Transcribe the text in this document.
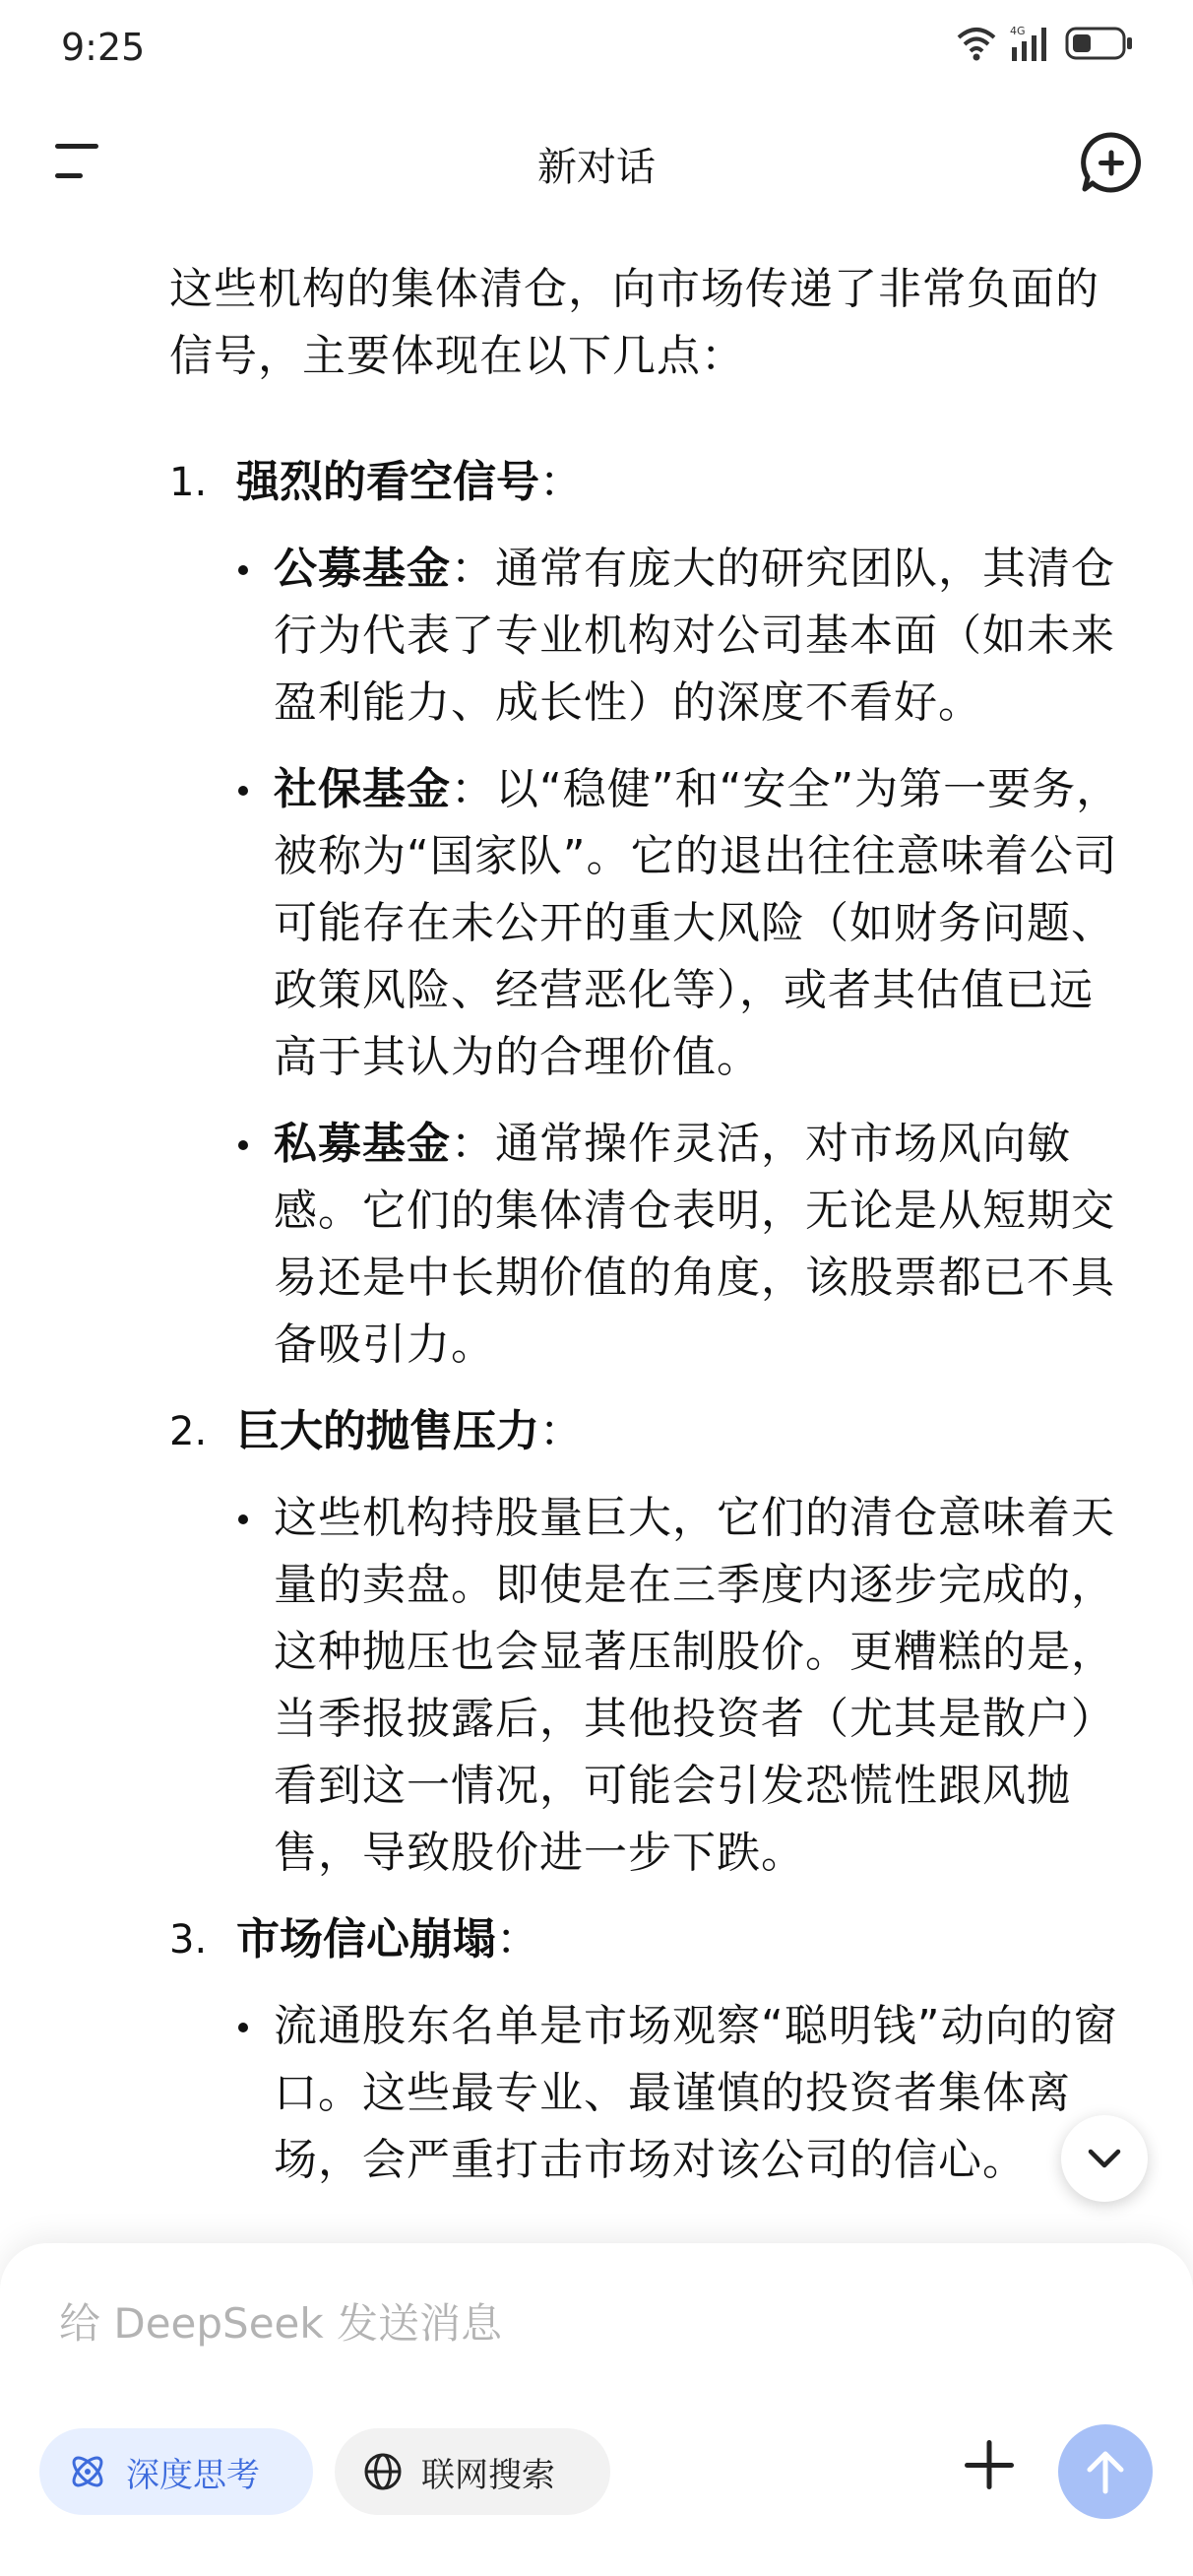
9:25	4G
新对话

这些机构的集体清仓，向市场传递了非常负面的信号，主要体现在以下几点：

1. 强烈的看空信号：
公募基金：通常有庞大的研究团队，其清仓行为代表了专业机构对公司基本面（如未来盈利能力、成长性）的深度不看好。
社保基金：以“稳健”和“安全”为第一要务，被称为“国家队”。它的退出往往意味着公司可能存在未公开的重大风险（如财务问题、政策风险、经营恶化等），或者其估值已远高于其认为的合理价值。
私募基金：通常操作灵活，对市场风向敏感。它们的集体清仓表明，无论是从短期交易还是中长期价值的角度，该股票都已不具备吸引力。
2. 巨大的抛售压力：
这些机构持股量巨大，它们的清仓意味着天量的卖盘。即使是在三季度内逐步完成的，这种抛压也会显著压制股价。更糟糕的是，当季报披露后，其他投资者（尤其是散户）看到这一情况，可能会引发恐慌性跟风抛售，导致股价进一步下跌。
3. 市场信心崩塌：
流通股东名单是市场观察“聪明钱”动向的窗口。这些最专业、最谨慎的投资者集体离场，会严重打击市场对该公司的信心。
给 DeepSeek 发送消息
深度思考	联网搜索
